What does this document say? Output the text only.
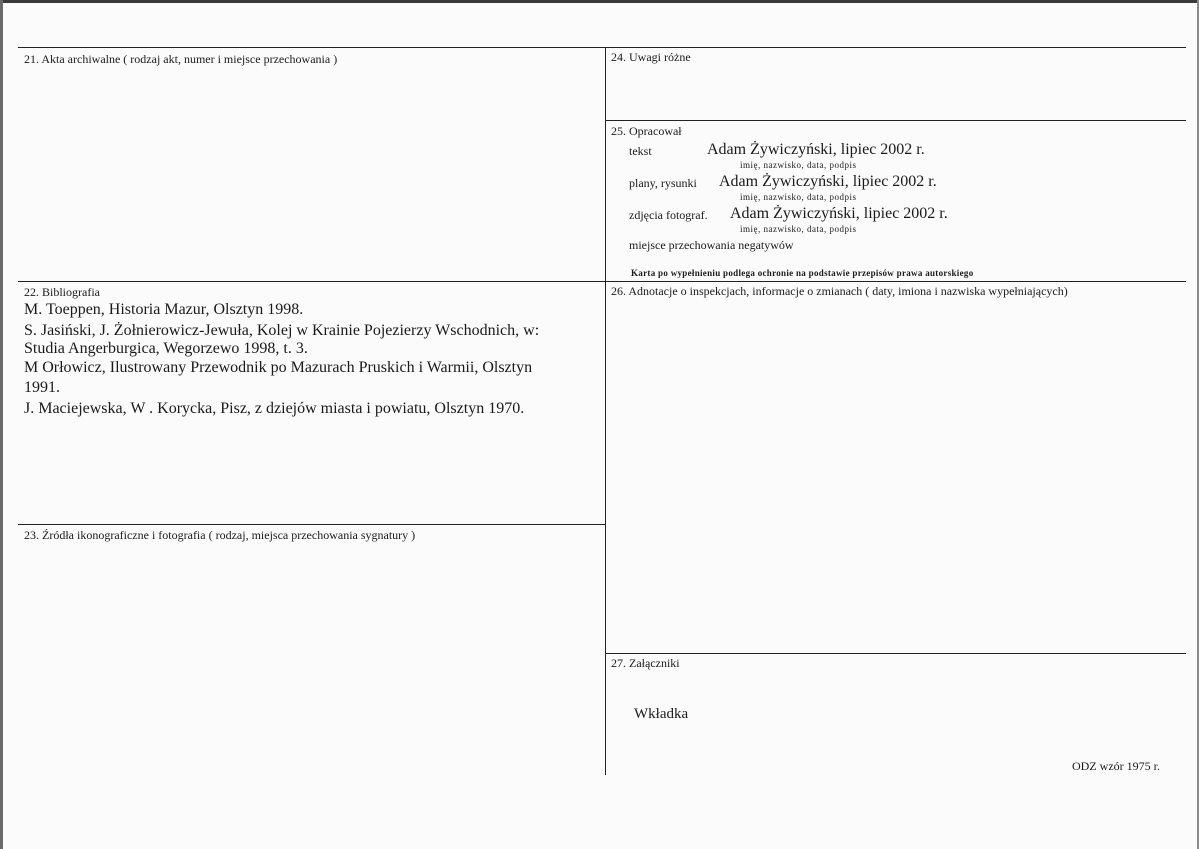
21. Akta archiwalne ( rodzaj akt, numer i miejsce przechowania )
22. Bibliografia
M. Toeppen, Historia Mazur, Olsztyn 1998.
S. Jasiński, J. Żołnierowicz-Jewuła, Kolej w Krainie Pojezierzy Wschodnich, w:
Studia Angerburgica, Wegorzewo 1998, t. 3.
M Orłowicz, Ilustrowany Przewodnik po Mazurach Pruskich i Warmii, Olsztyn
1991.
J. Maciejewska, W . Korycka, Pisz, z dziejów miasta i powiatu, Olsztyn 1970.
23. Źródła ikonograficzne i fotografia ( rodzaj, miejsca przechowania sygnatury )
24. Uwagi różne
25. Opracował
tekst	Adam Żywiczyński, lipiec 2002 r.
imię, nazwisko, data, podpis
plany, rysunki Adam Żywiczyński, lipiec 2002 r.
imię, nazwisko, data, podpis
zdjęcia fotograf. Adam Żywiczyński, lipiec 2002 r.
imię, nazwisko, data, podpis
miejsce przechowania negatywów
Karta po wypełnieniu podlega ochronie na podstawie przepisów prawa autorskiego
26. Adnotacje o inspekcjach, informacje o zmianach ( daty, imiona i nazwiska wypełniających)
27. Załączniki
Wkładka
ODZ wzór 1975 r.
